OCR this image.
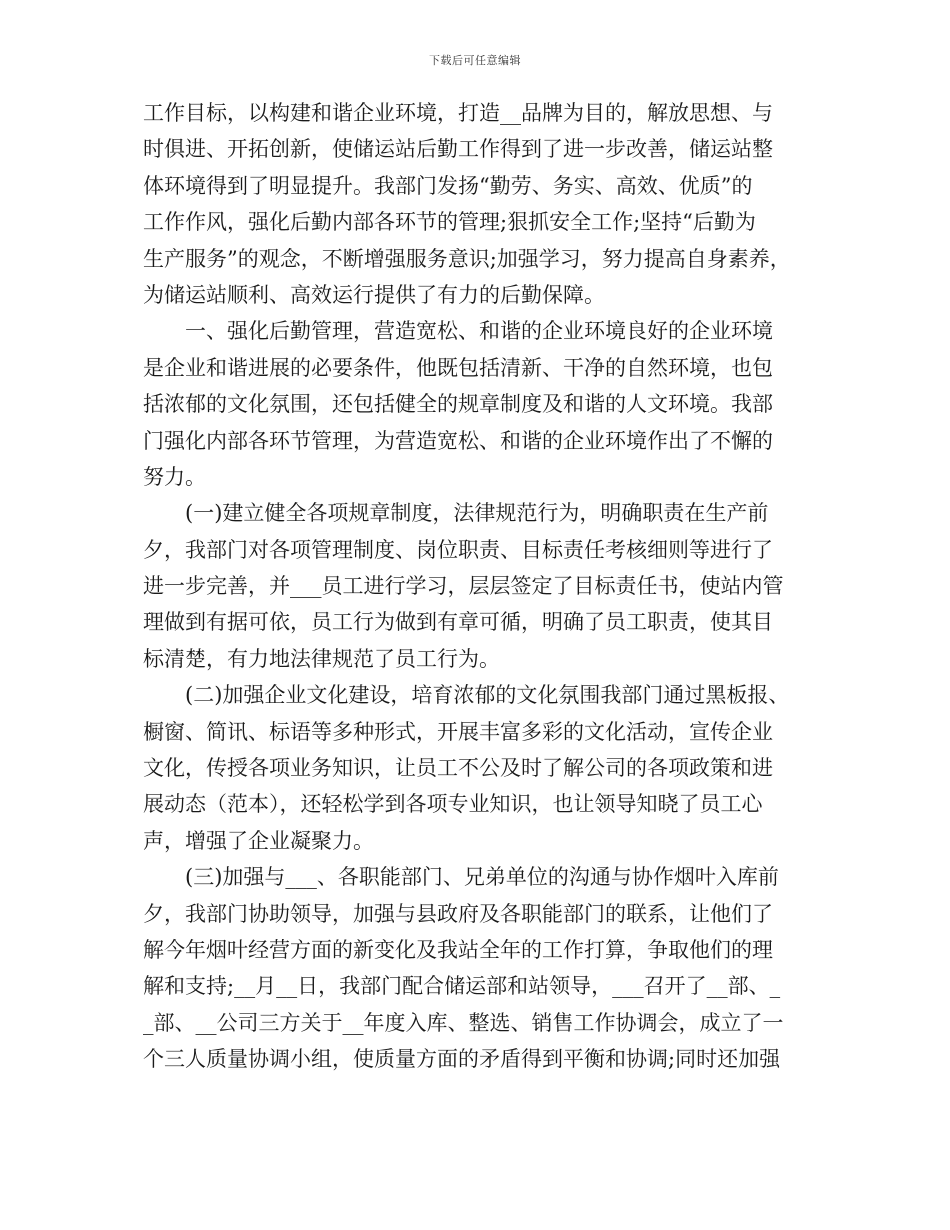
下载后可任意编辑
工作目标，以构建和谐企业环境，打造__品牌为目的，解放思想、与
时俱进、开拓创新，使储运站后勤工作得到了进一步改善，储运站整
体环境得到了明显提升。我部门发扬“勤劳、务实、高效、优质”的
工作作风，强化后勤内部各环节的管理;狠抓安全工作;坚持“后勤为
生产服务”的观念，不断增强服务意识;加强学习，努力提高自身素养，
为储运站顺利、高效运行提供了有力的后勤保障。
一、强化后勤管理，营造宽松、和谐的企业环境良好的企业环境
是企业和谐进展的必要条件，他既包括清新、干净的自然环境，也包
括浓郁的文化氛围，还包括健全的规章制度及和谐的人文环境。我部
门强化内部各环节管理，为营造宽松、和谐的企业环境作出了不懈的
努力。
(一)建立健全各项规章制度，法律规范行为，明确职责在生产前
夕，我部门对各项管理制度、岗位职责、目标责任考核细则等进行了
进一步完善，并___员工进行学习，层层签定了目标责任书，使站内管
理做到有据可依，员工行为做到有章可循，明确了员工职责，使其目
标清楚，有力地法律规范了员工行为。
(二)加强企业文化建设，培育浓郁的文化氛围我部门通过黑板报、
橱窗、简讯、标语等多种形式，开展丰富多彩的文化活动，宣传企业
文化，传授各项业务知识，让员工不公及时了解公司的各项政策和进
展动态（范本），还轻松学到各项专业知识，也让领导知晓了员工心
声，增强了企业凝聚力。
(三)加强与___、各职能部门、兄弟单位的沟通与协作烟叶入库前
夕，我部门协助领导，加强与县政府及各职能部门的联系，让他们了
解今年烟叶经营方面的新变化及我站全年的工作打算，争取他们的理
解和支持;__月__日，我部门配合储运部和站领导，___召开了__部、_
_部、__公司三方关于__年度入库、整选、销售工作协调会，成立了一
个三人质量协调小组，使质量方面的矛盾得到平衡和协调;同时还加强
